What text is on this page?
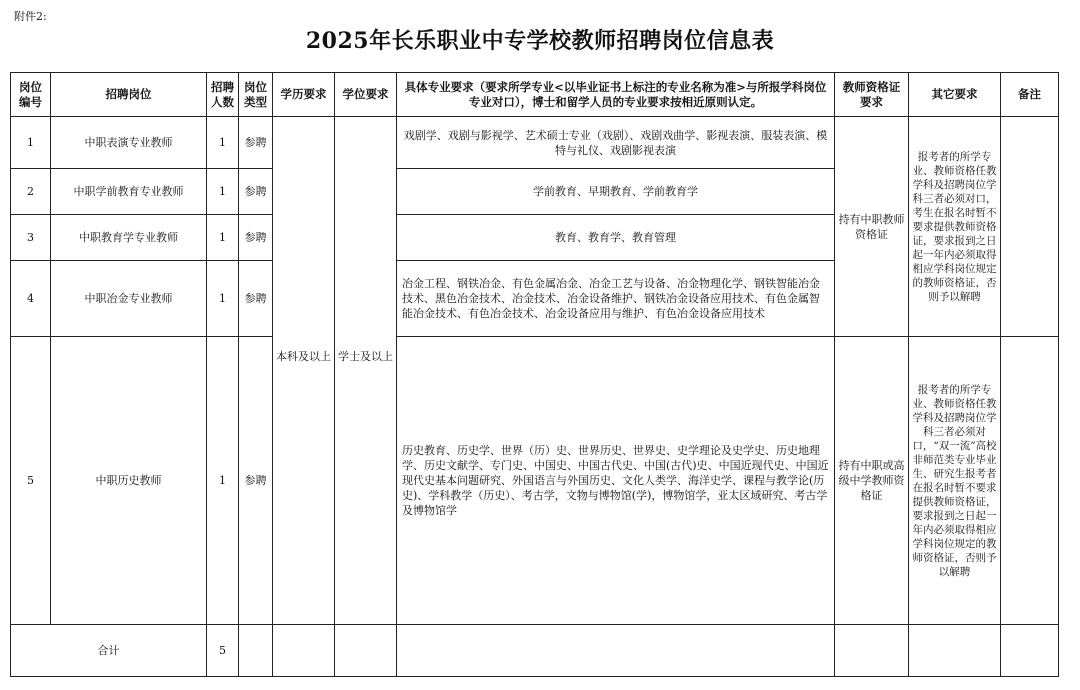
附件2:
2025年长乐职业中专学校教师招聘岗位信息表
岗位编号	招聘岗位	招聘人数	岗位类型	学历要求	学位要求	具体专业要求（要求所学专业<以毕业证书上标注的专业名称为准>与所报学科岗位专业对口），博士和留学人员的专业要求按相近原则认定。	教师资格证要求	其它要求	备注
1	中职表演专业教师	1	参聘	本科及以上	学士及以上	戏剧学、戏剧与影视学、艺术硕士专业（戏剧）、戏剧戏曲学、影视表演、服装表演、模特与礼仪、戏剧影视表演	持有中职教师资格证	报考者的所学专业、教师资格任教学科及招聘岗位学科三者必须对口，考生在报名时暂不要求提供教师资格证，要求报到之日起一年内必须取得相应学科岗位规定的教师资格证，否则予以解聘	
2	中职学前教育专业教师	1	参聘			学前教育、早期教育、学前教育学			
3	中职教育学专业教师	1	参聘			教育、教育学、教育管理			
4	中职冶金专业教师	1	参聘			冶金工程、钢铁冶金、有色金属冶金、冶金工艺与设备、冶金物理化学、钢铁智能冶金技术、黑色冶金技术、冶金技术、冶金设备维护、钢铁冶金设备应用技术、有色金属智能冶金技术、有色冶金技术、冶金设备应用与维护、有色冶金设备应用技术			
5	中职历史教师	1	参聘			历史教育、历史学、世界（历）史、世界历史、世界史、史学理论及史学史、历史地理学、历史文献学、专门史、中国史、中国古代史、中国(古代)史、中国近现代史、中国近现代史基本问题研究、外国语言与外国历史、文化人类学、海洋史学、课程与教学论(历史)、学科教学（历史）、考古学，文物与博物馆(学)，博物馆学，亚太区域研究、考古学及博物馆学	持有中职或高级中学教师资格证	报考者的所学专业、教师资格任教学科及招聘岗位学科三者必须对口，“双一流”高校非师范类专业毕业生、研究生报考者在报名时暂不要求提供教师资格证，要求报到之日起一年内必须取得相应学科岗位规定的教师资格证，否则予以解聘	
合计		5							
